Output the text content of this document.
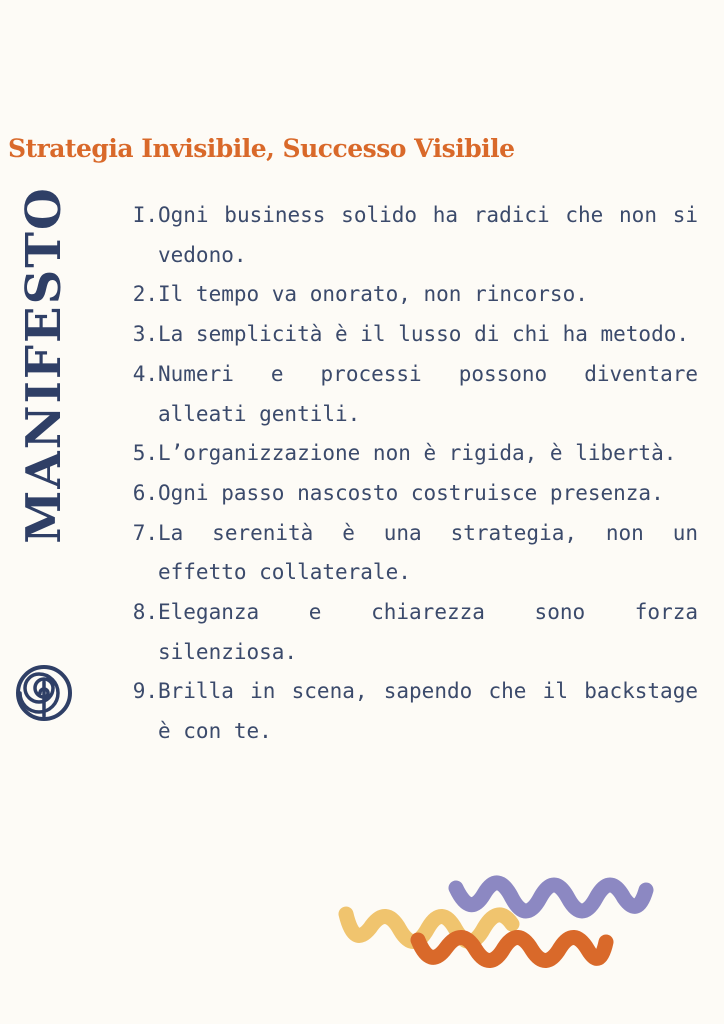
Strategia Invisibile, Successo Visibile
MANIFESTO	I. Ogni business solido ha radici che non si vedono.
2. Il tempo va onorato, non rincorso.
3. La semplicità è il lusso di chi ha metodo.
4. Numeri e processi possono diventare alleati gentili.
5. L’organizzazione non è rigida, è libertà.
6. Ogni passo nascosto costruisce presenza.
7. La serenità è una strategia, non un effetto collaterale.
8. Eleganza e chiarezza sono forza silenziosa.
9. Brilla in scena, sapendo che il backstage è con te.
